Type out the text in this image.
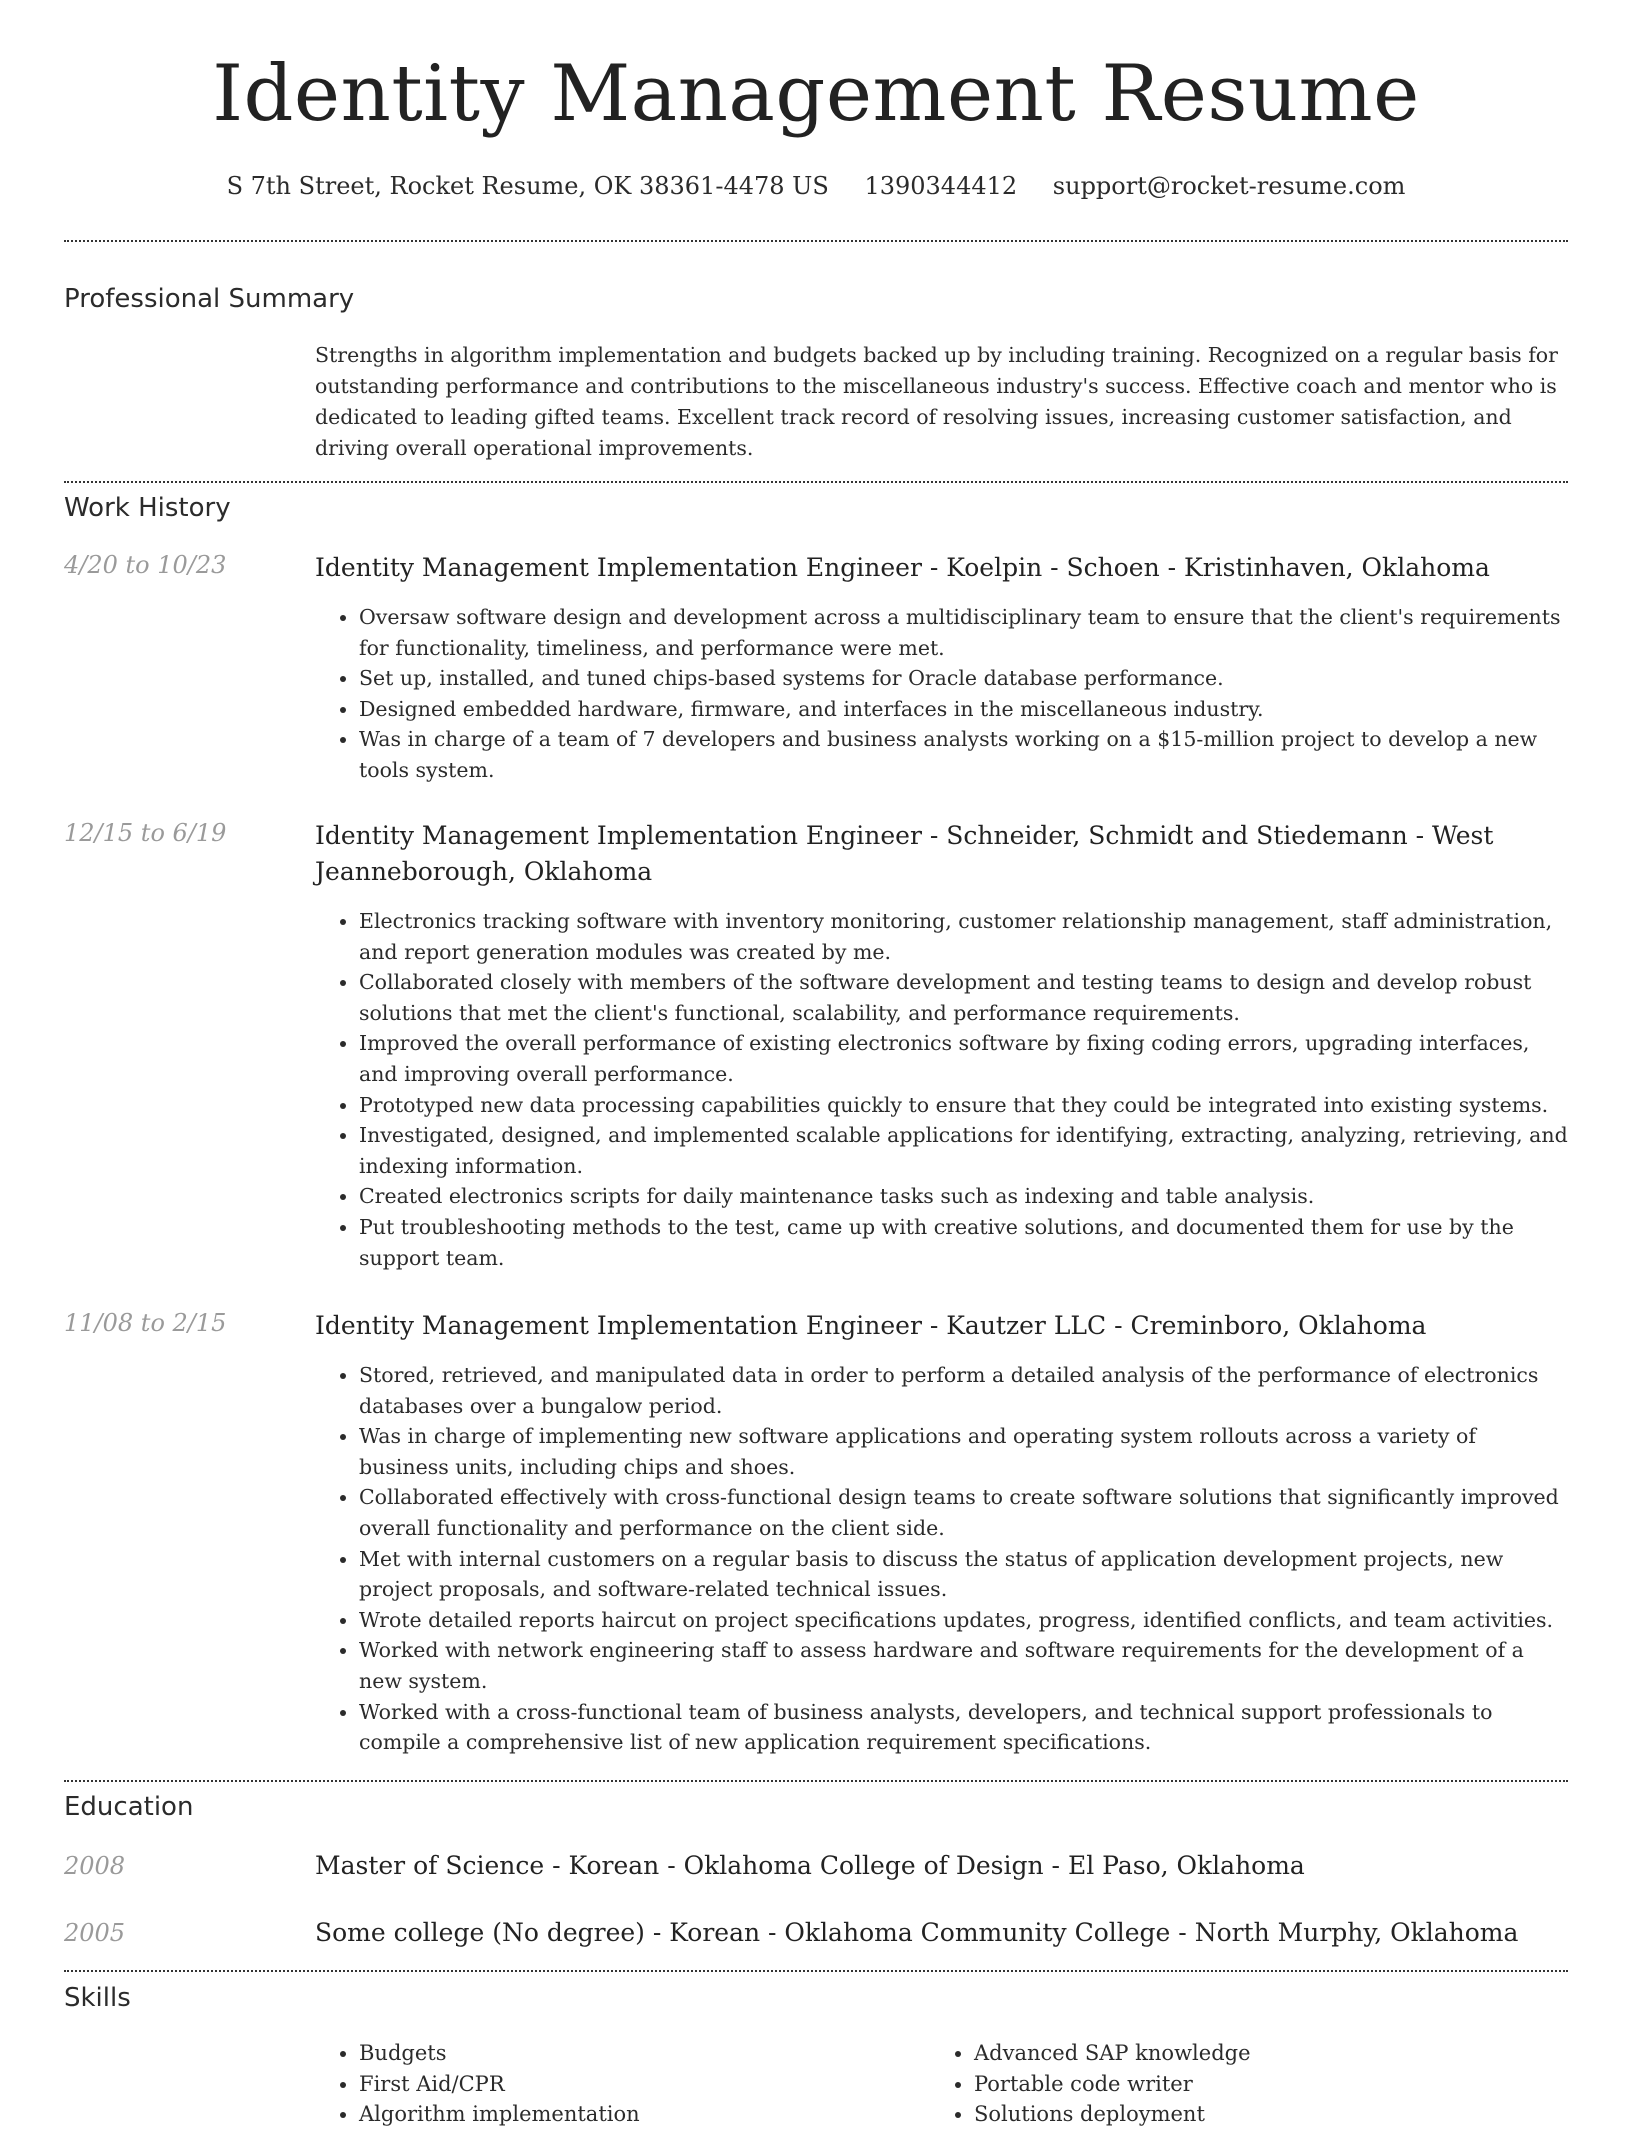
Identity Management Resume
S 7th Street, Rocket Resume, OK 38361-4478 US 1390344412 support@rocket-resume.com
Professional Summary
Strengths in algorithm implementation and budgets backed up by including training. Recognized on a regular basis for outstanding performance and contributions to the miscellaneous industry's success. Effective coach and mentor who is dedicated to leading gifted teams. Excellent track record of resolving issues, increasing customer satisfaction, and driving overall operational improvements.
Work History
4/20 to 10/23	Identity Management Implementation Engineer - Koelpin - Schoen - Kristinhaven, Oklahoma
• Oversaw software design and development across a multidisciplinary team to ensure that the client's requirements for functionality, timeliness, and performance were met.
• Set up, installed, and tuned chips-based systems for Oracle database performance.
• Designed embedded hardware, firmware, and interfaces in the miscellaneous industry.
• Was in charge of a team of 7 developers and business analysts working on a $15-million project to develop a new tools system.
12/15 to 6/19	Identity Management Implementation Engineer - Schneider, Schmidt and Stiedemann - West Jeanneborough, Oklahoma
• Electronics tracking software with inventory monitoring, customer relationship management, staff administration, and report generation modules was created by me.
• Collaborated closely with members of the software development and testing teams to design and develop robust solutions that met the client's functional, scalability, and performance requirements.
• Improved the overall performance of existing electronics software by fixing coding errors, upgrading interfaces, and improving overall performance.
• Prototyped new data processing capabilities quickly to ensure that they could be integrated into existing systems.
• Investigated, designed, and implemented scalable applications for identifying, extracting, analyzing, retrieving, and indexing information.
• Created electronics scripts for daily maintenance tasks such as indexing and table analysis.
• Put troubleshooting methods to the test, came up with creative solutions, and documented them for use by the support team.
11/08 to 2/15	Identity Management Implementation Engineer - Kautzer LLC - Creminboro, Oklahoma
• Stored, retrieved, and manipulated data in order to perform a detailed analysis of the performance of electronics databases over a bungalow period.
• Was in charge of implementing new software applications and operating system rollouts across a variety of business units, including chips and shoes.
• Collaborated effectively with cross-functional design teams to create software solutions that significantly improved overall functionality and performance on the client side.
• Met with internal customers on a regular basis to discuss the status of application development projects, new project proposals, and software-related technical issues.
• Wrote detailed reports haircut on project specifications updates, progress, identified conflicts, and team activities.
• Worked with network engineering staff to assess hardware and software requirements for the development of a new system.
• Worked with a cross-functional team of business analysts, developers, and technical support professionals to compile a comprehensive list of new application requirement specifications.
Education
2008	Master of Science - Korean - Oklahoma College of Design - El Paso, Oklahoma
2005	Some college (No degree) - Korean - Oklahoma Community College - North Murphy, Oklahoma
Skills
• Budgets
• First Aid/CPR
• Algorithm implementation
• Advanced SAP knowledge
• Portable code writer
• Solutions deployment
